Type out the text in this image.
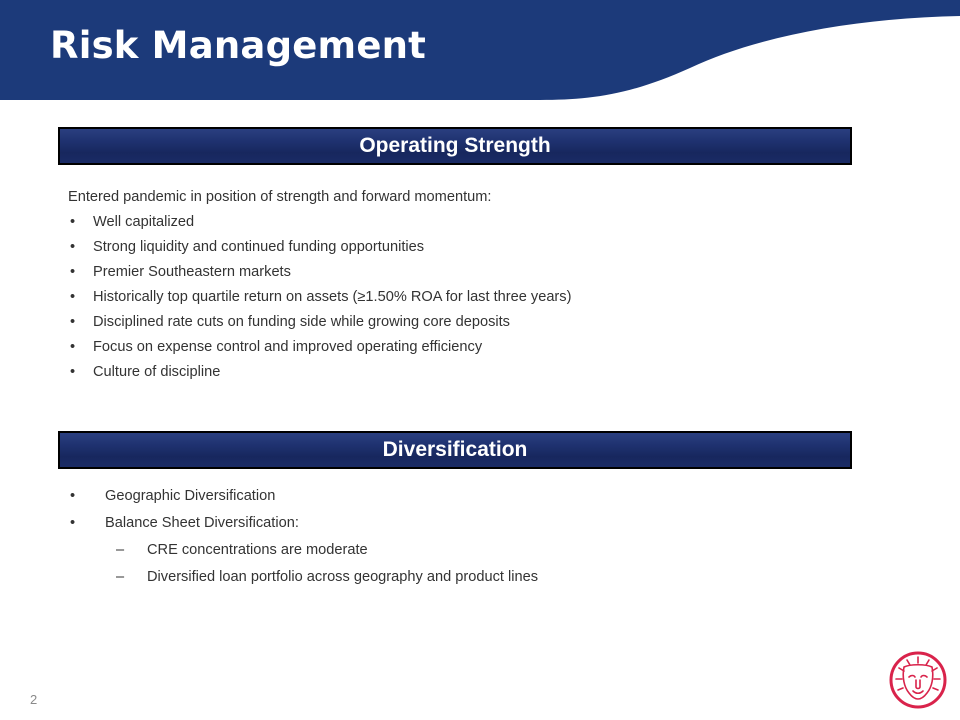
Risk Management
Operating Strength
Entered pandemic in position of strength and forward momentum:
• Well capitalized
• Strong liquidity and continued funding opportunities
• Premier Southeastern markets
• Historically top quartile return on assets (≥1.50% ROA for last three years)
• Disciplined rate cuts on funding side while growing core deposits
• Focus on expense control and improved operating efficiency
• Culture of discipline
Diversification
• Geographic Diversification
• Balance Sheet Diversification:
– CRE concentrations are moderate
– Diversified loan portfolio across geography and product lines
2
